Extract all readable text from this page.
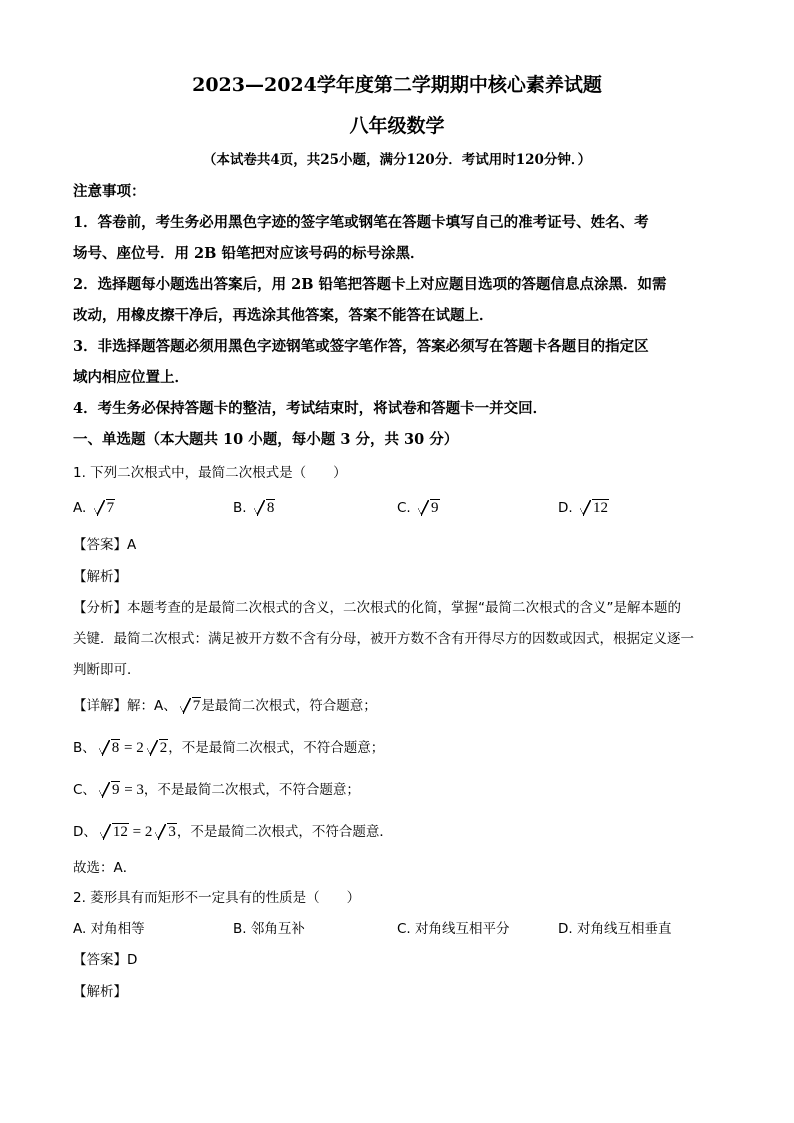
2023—2024学年度第二学期期中核心素养试题
八年级数学
（本试卷共4页，共25小题，满分120分．考试用时120分钟．）
注意事项：
1．答卷前，考生务必用黑色字迹的签字笔或钢笔在答题卡填写自己的准考证号、姓名、考
场号、座位号．用 2B 铅笔把对应该号码的标号涂黑．
2．选择题每小题选出答案后，用 2B 铅笔把答题卡上对应题目选项的答题信息点涂黑．如需
改动，用橡皮擦干净后，再选涂其他答案，答案不能答在试题上．
3．非选择题答题必须用黑色字迹钢笔或签字笔作答，答案必须写在答题卡各题目的指定区
域内相应位置上．
4．考生务必保持答题卡的整洁，考试结束时，将试卷和答题卡一并交回．
一、单选题（本大题共 10 小题，每小题 3 分，共 30 分）
1. 下列二次根式中，最简二次根式是（　　）
A. 7	B. 8	C. 9	D. 12
【答案】A
【解析】
【分析】本题考查的是最简二次根式的含义，二次根式的化简，掌握“最简二次根式的含义”是解本题的
关键．最简二次根式：满足被开方数不含有分母，被开方数不含有开得尽方的因数或因式，根据定义逐一
判断即可．
【详解】解：A、 7是最简二次根式，符合题意；
B、 8 = 2 2，不是最简二次根式，不符合题意；
C、 9 = 3，不是最简二次根式，不符合题意；
D、 12 = 2 3，不是最简二次根式，不符合题意．
故选：A．
2. 菱形具有而矩形不一定具有的性质是（　　）
A. 对角相等	B. 邻角互补	C. 对角线互相平分	D. 对角线互相垂直
【答案】D
【解析】
